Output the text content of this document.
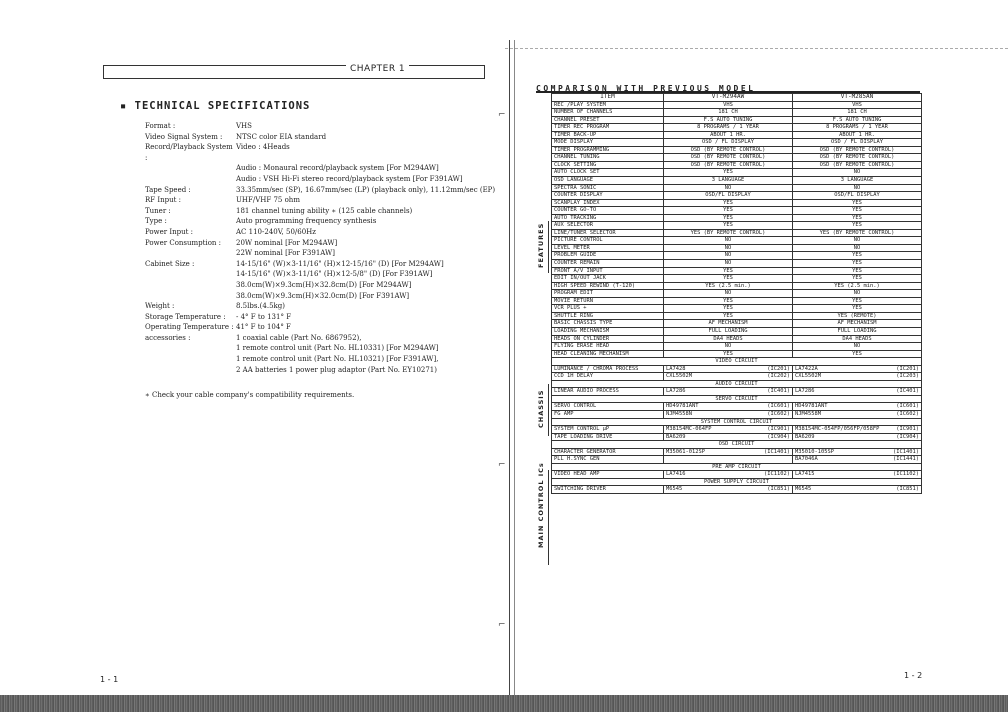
CHAPTER 1
▪ TECHNICAL SPECIFICATIONS
Format :	VHS
Video Signal System :	NTSC color EIA standard
Record/Playback System :
Video : 4Heads
Audio : Monaural record/playback system [For M294AW]
Audio : VSH Hi-Fi stereo record/playback system [For F391AW]
Tape Speed :	33.35mm/sec (SP), 16.67mm/sec (LP) (playback only), 11.12mm/sec (EP)
RF Input :	UHF/VHF 75 ohm
Tuner :	181 channel tuning ability ∗ (125 cable channels)
Type :	Auto programming frequency synthesis
Power Input :	AC 110-240V, 50/60Hz
Power Consumption :	20W nominal [For M294AW]
22W nominal [For F391AW]
Cabinet Size :	14-15/16" (W)×3-11/16" (H)×12-15/16" (D) [For M294AW]
14-15/16" (W)×3-11/16" (H)×12-5/8" (D) [For F391AW]
38.0cm(W)×9.3cm(H)×32.8cm(D) [For M294AW]
38.0cm(W)×9.3cm(H)×32.0cm(D) [For F391AW]
Weight :	8.5lbs.(4.5kg)
Storage Temperature :	- 4° F to 131° F
Operating Temperature : 41° F to 104° F
accessories :	1 coaxial cable (Part No. 6867952),
1 remote control unit (Part No. HL10331) [For M294AW]
1 remote control unit (Part No. HL10321) [For F391AW],
2 AA batteries 1 power plug adaptor (Part No. EY10271)
∗ Check your cable company's compatibility requirements.
1 - 1
COMPARISON WITH PREVIOUS MODEL
ITEM	VT-M294AW	VT-M285AN
REC /PLAY SYSTEM	VHS	VHS
NUMBER OF CHANNELS	181 CH	181 CH
CHANNEL PRESET	F.S AUTO TUNING	F.S AUTO TUNING
TIMER REC PROGRAM	8 PROGRAMS / 1 YEAR	8 PROGRAMS / 1 YEAR
TIMER BACK-UP	ABOUT 1 HR.	ABOUT 1 HR.
MODE DISPLAY	OSD / FL DISPLAY	OSD / FL DISPLAY
TIMER PROGRAMMING	OSD (BY REMOTE CONTROL)	OSD (BY REMOTE CONTROL)
CHANNEL TUNING	OSD (BY REMOTE CONTROL)	OSD (BY REMOTE CONTROL)
CLOCK SETTING	OSD (BY REMOTE CONTROL)	OSD (BY REMOTE CONTROL)
AUTO CLOCK SET	YES	NO
OSD LANGUAGE	3 LANGUAGE	3 LANGUAGE
SPECTRA SONIC	NO	NO
COUNTER DISPLAY	OSD/FL DISPLAY	OSD/FL DISPLAY
SCANPLAY INDEX	YES	YES
COUNTER GO-TO	YES	YES
AUTO TRACKING	YES	YES
AUX SELECTOR	YES	YES
LINE/TUNER SELECTOR	YES (BY REMOTE CONTROL)	YES (BY REMOTE CONTROL)
PICTURE CONTROL	NO	NO
LEVEL METER	NO	NO
PROBLEM GUIDE	NO	YES
COUNTER REMAIN	NO	YES
FRONT A/V INPUT	YES	YES
EDIT IN/OUT JACK	YES	YES
HIGH SPEED REWIND (T-120)	YES (2.5 min.)	YES (2.5 min.)
PROGRAM EDIT	NO	NO
MOVIE RETURN	YES	YES
VCR PLUS +	YES	YES
SHUTTLE RING	YES	YES (REMOTE)
BASIC CHASSIS TYPE	AF MECHANISM	AF MECHANISM
LOADING MECHANISM	FULL LOADING	FULL LOADING
HEADS ON CYLINDER	DA4 HEADS	DA4 HEADS
FLYING ERASE HEAD	NO	NO
HEAD CLEANING MECHANISM	YES	YES
VIDEO CIRCUIT		
LUMINANCE / CHROMA PROCESS	LA7428 (IC201)	LA7422A (IC201)

CCD 1H DELAY	CXL5502M (IC202)	CXL5502M (IC203)

AUDIO CIRCUIT		
LINEAR AUDIO PROCESS	LA7286 (IC401)	LA7286 (IC401)

SERVO CIRCUIT		
SERVO CONTROL	HD49781ANT (IC601)	HD49781ANT (IC601)

FG AMP	NJM4558N (IC602)	NJM4558M (IC602)

SYSTEM CONTROL CIRCUIT		
SYSTEM CONTROL μP	M38154MC-064FP (IC901)	M38154MC-054FP/056FP/058FP (IC901)

TAPE LOADING DRIVE	BA6209 (IC904)	BA6209 (IC904)

OSD CIRCUIT		
CHARACTER GENERATOR	M35061-012SP (IC1401)	M35010-105SP (IC1401)

PLL H.SYNC GEN		BA7046A (IC1441)

PRE AMP CIRCUIT		
VIDEO HEAD AMP	LA7416 (IC1102)	LA7415 (IC1102)

POWER SUPPLY CIRCUIT		
SWITCHING DRIVER	M6545 (IC851)	M6545 (IC851)
FEATURES
CHASSIS
MAIN CONTROL ICs
1 - 2
⌐
⌐
⌐
